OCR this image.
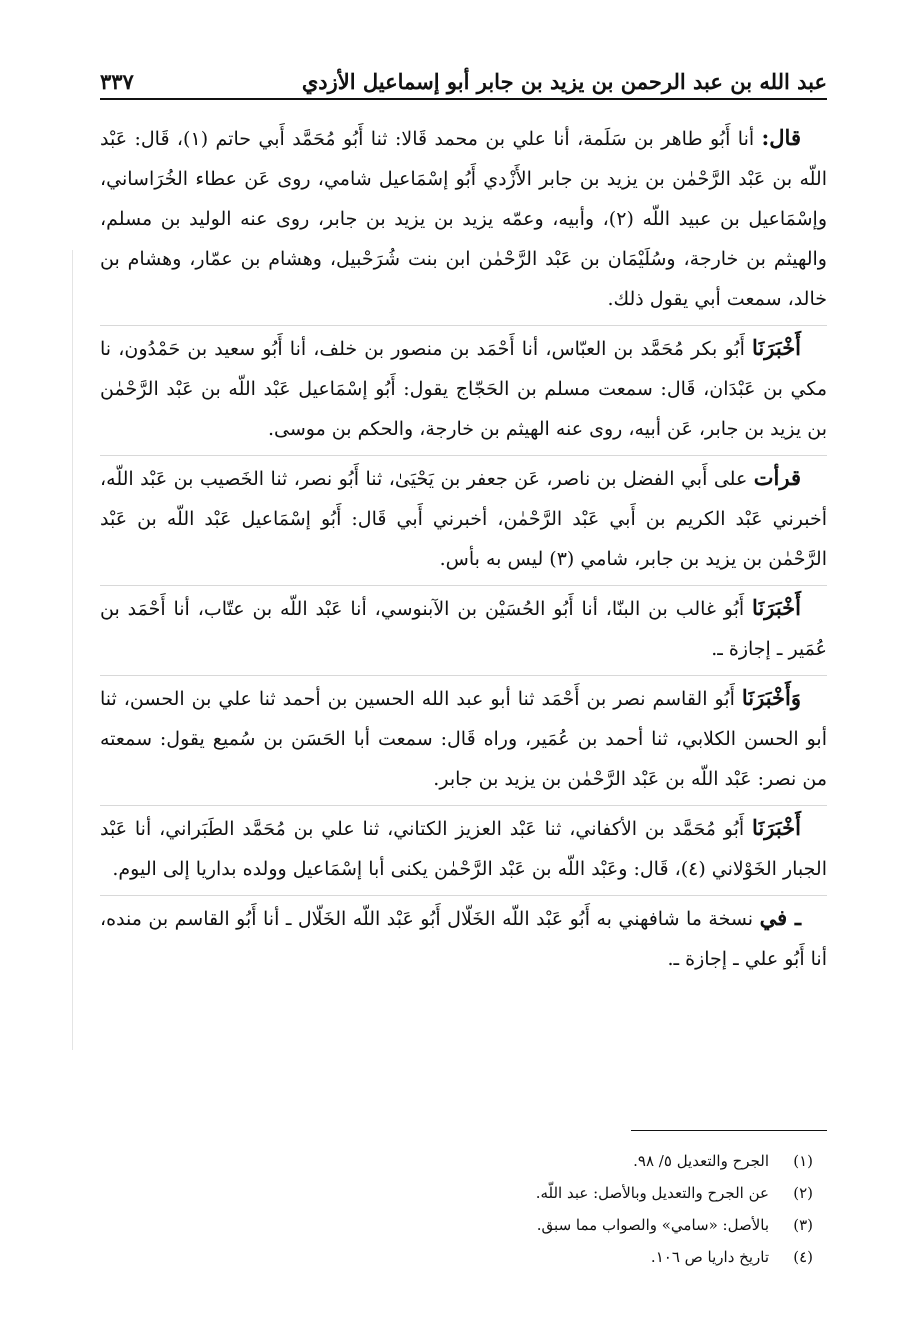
عبد الله بن عبد الرحمن بن يزيد بن جابر أبو إسماعيل الأزدي
٣٣٧

قال: أنا أَبُو طاهر بن سَلَمة، أنا علي بن محمد قَالا: ثنا أَبُو مُحَمَّد أَبي حاتم (١)، قَال: عَبْد اللّه بن عَبْد الرَّحْمٰن بن يزيد بن جابر الأَزْدي أَبُو إسْمَاعيل شامي، روى عَن عطاء الخُرَاساني، وإسْمَاعيل بن عبيد اللّه (٢)، وأبيه، وعمّه يزيد بن يزيد بن جابر، روى عنه الوليد بن مسلم، والهيثم بن خارجة، وسُلَيْمَان بن عَبْد الرَّحْمٰن ابن بنت شُرَحْبيل، وهشام بن عمّار، وهشام بن خالد، سمعت أبي يقول ذلك.

أَخْبَرَنَا أَبُو بكر مُحَمَّد بن العبّاس، أنا أَحْمَد بن منصور بن خلف، أنا أَبُو سعيد بن حَمْدُون، نا مكي بن عَبْدَان، قَال: سمعت مسلم بن الحَجّاج يقول: أَبُو إسْمَاعيل عَبْد اللّه بن عَبْد الرَّحْمٰن بن يزيد بن جابر، عَن أبيه، روى عنه الهيثم بن خارجة، والحكم بن موسى.

قرأت على أَبي الفضل بن ناصر، عَن جعفر بن يَحْيَىٰ، ثنا أَبُو نصر، ثنا الخَصيب بن عَبْد اللّه، أخبرني عَبْد الكريم بن أَبي عَبْد الرَّحْمٰن، أخبرني أَبي قَال: أَبُو إسْمَاعيل عَبْد اللّه بن عَبْد الرَّحْمٰن بن يزيد بن جابر، شامي (٣) ليس به بأس.

أَخْبَرَنَا أَبُو غالب بن البنّا، أنا أَبُو الحُسَيْن بن الآبنوسي، أنا عَبْد اللّه بن عتّاب، أنا أَحْمَد بن عُمَير ـ إجازة ـ.

وَأَخْبَرَنَا أَبُو القاسم نصر بن أَحْمَد ثنا أبو عبد الله الحسين بن أحمد ثنا علي بن الحسن، ثنا أبو الحسن الكلابي، ثنا أحمد بن عُمَير، وراه قَال: سمعت أبا الحَسَن بن سُميع يقول: سمعته من نصر: عَبْد اللّه بن عَبْد الرَّحْمٰن بن يزيد بن جابر.

أَخْبَرَنَا أَبُو مُحَمَّد بن الأكفاني، ثنا عَبْد العزيز الكتاني، ثنا علي بن مُحَمَّد الطَبَراني، أنا عَبْد الجبار الخَوْلاني (٤)، قَال: وعَبْد اللّه بن عَبْد الرَّحْمٰن يكنى أبا إسْمَاعيل وولده بداريا إلى اليوم.

ـ في نسخة ما شافهني به أَبُو عَبْد اللّه الخَلّال أَبُو عَبْد اللّه الخَلّال ـ أنا أَبُو القاسم بن منده، أنا أَبُو علي ـ إجازة ـ.

(١)
الجرح والتعديل ٥/ ٩٨.
(٢)
عن الجرح والتعديل وبالأصل: عبد اللّه.
(٣)
بالأصل: «سامي» والصواب مما سبق.
(٤)
تاريخ داريا ص ١٠٦.
